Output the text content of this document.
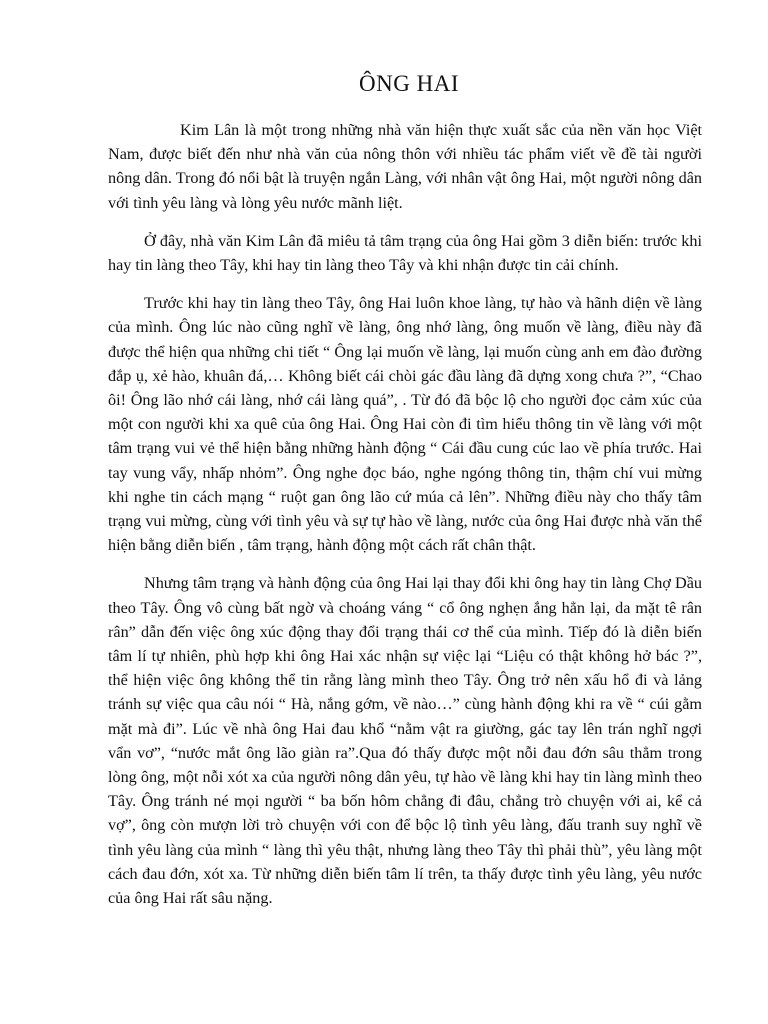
ÔNG HAI

Kim Lân là một trong những nhà văn hiện thực xuất sắc của nền văn học Việt Nam, được biết đến như nhà văn của nông thôn với nhiều tác phẩm viết về đề tài người nông dân. Trong đó nổi bật là truyện ngắn Làng, với nhân vật ông Hai, một người nông dân với tình yêu làng và lòng yêu nước mãnh liệt.

Ở đây, nhà văn Kim Lân đã miêu tả tâm trạng của ông Hai gồm 3 diễn biến: trước khi hay tin làng theo Tây, khi hay tin làng theo Tây và khi nhận được tin cải chính.

Trước khi hay tin làng theo Tây, ông Hai luôn khoe làng, tự hào và hãnh diện về làng của mình. Ông lúc nào cũng nghĩ về làng, ông nhớ làng, ông muốn về làng, điều này đã được thể hiện qua những chi tiết “ Ông lại muốn về làng, lại muốn cùng anh em đào đường đắp ụ, xẻ hào, khuân đá,… Không biết cái chòi gác đầu làng đã dựng xong chưa ?”, “Chao ôi! Ông lão nhớ cái làng, nhớ cái làng quá”, . Từ đó đã bộc lộ cho người đọc cảm xúc của một con người khi xa quê của ông Hai. Ông Hai còn đi tìm hiểu thông tin về làng với một tâm trạng vui vẻ thể hiện bằng những hành động “ Cái đầu cung cúc lao về phía trước. Hai tay vung vẩy, nhấp nhỏm”. Ông nghe đọc báo, nghe ngóng thông tin, thậm chí vui mừng khi nghe tin cách mạng “ ruột gan ông lão cứ múa cả lên”. Những điều này cho thấy tâm trạng vui mừng, cùng với tình yêu và sự tự hào về làng, nước của ông Hai được nhà văn thể hiện bằng diễn biến , tâm trạng, hành động một cách rất chân thật.

Nhưng tâm trạng và hành động của ông Hai lại thay đổi khi ông hay tin làng Chợ Dầu theo Tây. Ông vô cùng bất ngờ và choáng váng “ cổ ông nghẹn ắng hẳn lại, da mặt tê rân rân” dẫn đến việc ông xúc động thay đổi trạng thái cơ thể của mình. Tiếp đó là diễn biến tâm lí tự nhiên, phù hợp khi ông Hai xác nhận sự việc lại “Liệu có thật không hở bác ?”, thể hiện việc ông không thể tin rằng làng mình theo Tây. Ông trở nên xấu hổ đi và lảng tránh sự việc qua câu nói “ Hà, nắng gớm, về nào…” cùng hành động khi ra về “ cúi gằm mặt mà đi”. Lúc về nhà ông Hai đau khổ “nằm vật ra giường, gác tay lên trán nghĩ ngợi vẩn vơ”, “nước mắt ông lão giàn ra”.Qua đó thấy được một nỗi đau đớn sâu thẳm trong lòng ông, một nỗi xót xa của người nông dân yêu, tự hào về làng khi hay tin làng mình theo Tây. Ông tránh né mọi người “ ba bốn hôm chẳng đi đâu, chẳng trò chuyện với ai, kể cả vợ”, ông còn mượn lời trò chuyện với con để bộc lộ tình yêu làng, đấu tranh suy nghĩ về tình yêu làng của mình “ làng thì yêu thật, nhưng làng theo Tây thì phải thù”, yêu làng một cách đau đớn, xót xa. Từ những diễn biến tâm lí trên, ta thấy được tình yêu làng, yêu nước của ông Hai rất sâu nặng.
